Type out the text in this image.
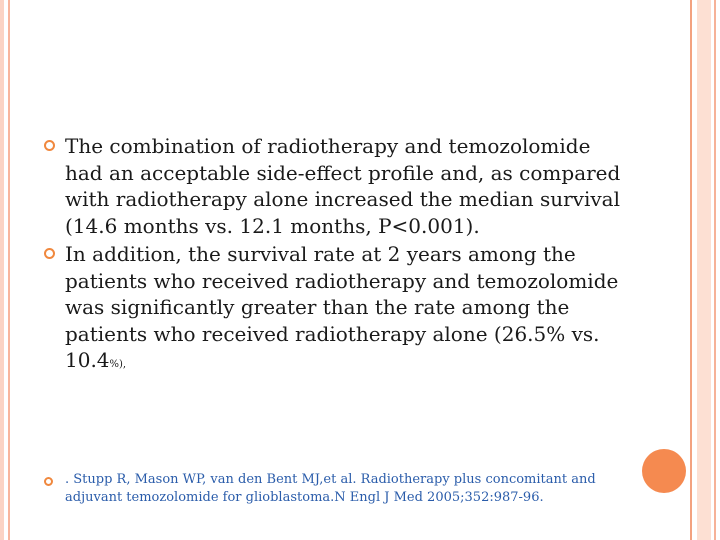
The combination of radiotherapy and temozolomide had an acceptable side-effect profile and, as compared with radiotherapy alone increased the median survival (14.6 months vs. 12.1 months, P<0.001).
In addition, the survival rate at 2 years among the patients who received radiotherapy and temozolomide was significantly greater than the rate among the patients who received radiotherapy alone (26.5% vs. 10.4%),
. Stupp R, Mason WP, van den Bent MJ,et al. Radiotherapy plus concomitant and adjuvant temozolomide for glioblastoma.N Engl J Med 2005;352:987-96.
